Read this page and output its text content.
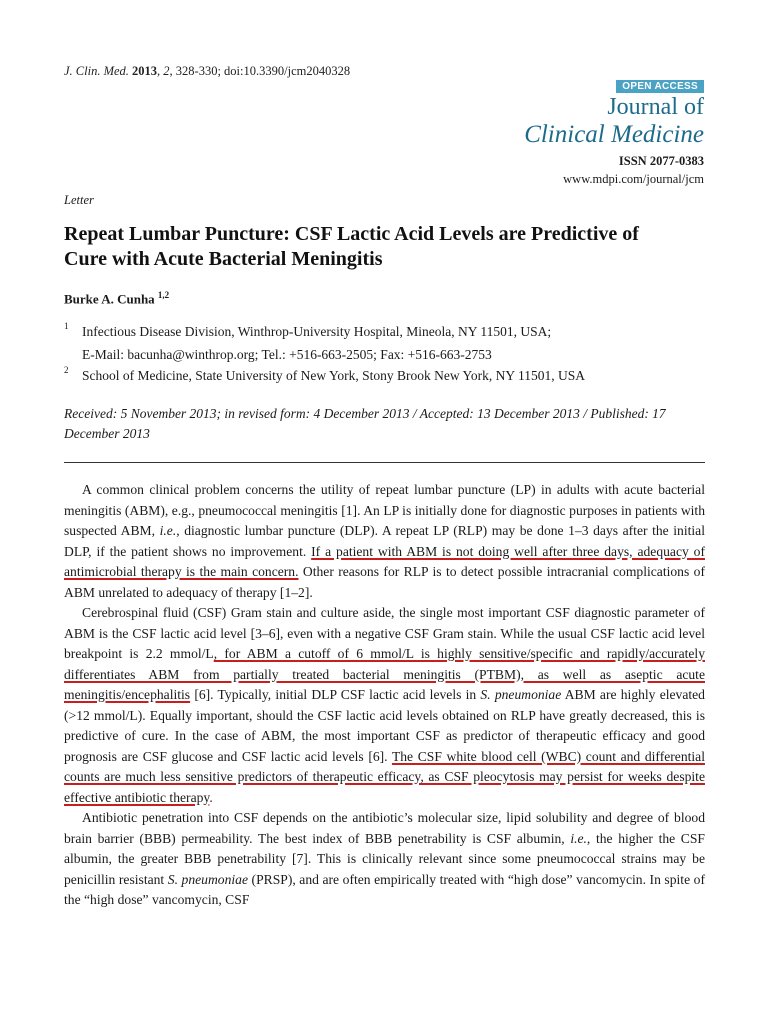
J. Clin. Med. 2013, 2, 328-330; doi:10.3390/jcm2040328
OPEN ACCESS
Journal of
Clinical Medicine
ISSN 2077-0383
www.mdpi.com/journal/jcm
Letter
Repeat Lumbar Puncture: CSF Lactic Acid Levels are Predictive of Cure with Acute Bacterial Meningitis
Burke A. Cunha $^{1,2}$
1 Infectious Disease Division, Winthrop-University Hospital, Mineola, NY 11501, USA;
E-Mail: bacunha@winthrop.org; Tel.: +516-663-2505; Fax: +516-663-2753
2 School of Medicine, State University of New York, Stony Brook New York, NY 11501, USA
Received: 5 November 2013; in revised form: 4 December 2013 / Accepted: 13 December 2013 / Published: 17 December 2013

A common clinical problem concerns the utility of repeat lumbar puncture (LP) in adults with acute bacterial meningitis (ABM), e.g., pneumococcal meningitis [1]. An LP is initially done for diagnostic purposes in patients with suspected ABM, i.e., diagnostic lumbar puncture (DLP). A repeat LP (RLP) may be done 1–3 days after the initial DLP, if the patient shows no improvement. If a patient with ABM is not doing well after three days, adequacy of antimicrobial therapy is the main concern. Other reasons for RLP is to detect possible intracranial complications of ABM unrelated to adequacy of therapy [1–2].

Cerebrospinal fluid (CSF) Gram stain and culture aside, the single most important CSF diagnostic parameter of ABM is the CSF lactic acid level [3–6], even with a negative CSF Gram stain. While the usual CSF lactic acid level breakpoint is 2.2 mmol/L, for ABM a cutoff of 6 mmol/L is highly sensitive/specific and rapidly/accurately differentiates ABM from partially treated bacterial meningitis (PTBM), as well as aseptic acute meningitis/encephalitis [6]. Typically, initial DLP CSF lactic acid levels in S. pneumoniae ABM are highly elevated (>12 mmol/L). Equally important, should the CSF lactic acid levels obtained on RLP have greatly decreased, this is predictive of cure. In the case of ABM, the most important CSF as predictor of therapeutic efficacy and good prognosis are CSF glucose and CSF lactic acid levels [6]. The CSF white blood cell (WBC) count and differential counts are much less sensitive predictors of therapeutic efficacy, as CSF pleocytosis may persist for weeks despite effective antibiotic therapy.

Antibiotic penetration into CSF depends on the antibiotic’s molecular size, lipid solubility and degree of blood brain barrier (BBB) permeability. The best index of BBB penetrability is CSF albumin, i.e., the higher the CSF albumin, the greater BBB penetrability [7]. This is clinically relevant since some pneumococcal strains may be penicillin resistant S. pneumoniae (PRSP), and are often empirically treated with “high dose” vancomycin. In spite of the “high dose” vancomycin, CSF
